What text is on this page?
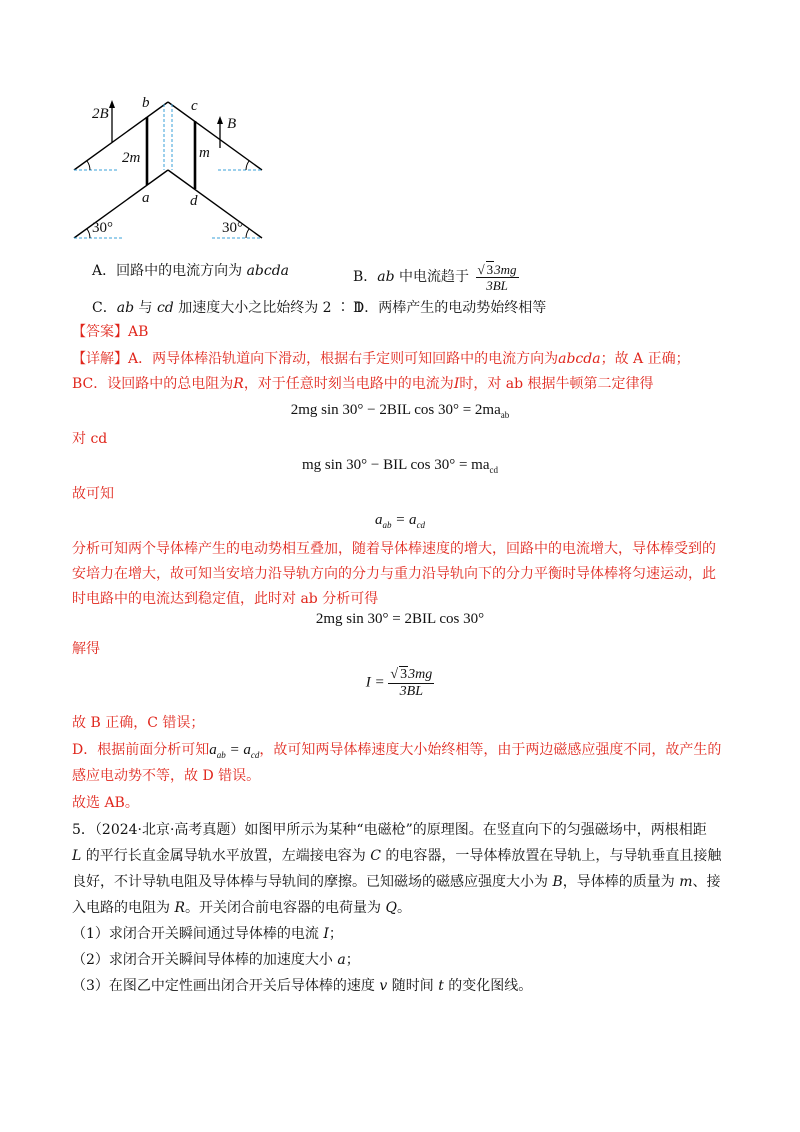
2B
B
b	c
2m	m
a	d
30°	30°
A．回路中的电流方向为 abcda	B．ab 中电流趋于 $\frac{√ 33mg}{3BL}$
C．ab 与 cd 加速度大小之比始终为 2 ∶ 1
D．两棒产生的电动势始终相等
【答案】AB
【详解】A．两导体棒沿轨道向下滑动，根据右手定则可知回路中的电流方向为abcda；故 A 正确；
BC．设回路中的总电阻为R，对于任意时刻当电路中的电流为I时，对 ab 根据牛顿第二定律得
2mg sin 30° − 2BIL $\cos 30^\circ = 2ma_{ab}$
对 cd
mg sin 30° − BIL $\cos 30^\circ = ma_{cd}$
故可知
$a_{ab} = a_{cd}$
分析可知两个导体棒产生的电动势相互叠加，随着导体棒速度的增大，回路中的电流增大，导体棒受到的
安培力在增大，故可知当安培力沿导轨方向的分力与重力沿导轨向下的分力平衡时导体棒将匀速运动，此
时电路中的电流达到稳定值，此时对 ab 分析可得
2mg sin 30° = 2BIL cos 30°
解得
$I = \frac{√ 33mg}{3BL}$
故 B 正确，C 错误；
D．根据前面分析可知$a_{ab} = a_{cd}$，故可知两导体棒速度大小始终相等，由于两边磁感应强度不同，故产生的
感应电动势不等，故 D 错误。
故选 AB。
5．（2024·北京·高考真题）如图甲所示为某种“电磁枪”的原理图。在竖直向下的匀强磁场中，两根相距
L 的平行长直金属导轨水平放置，左端接电容为 C 的电容器，一导体棒放置在导轨上，与导轨垂直且接触
良好，不计导轨电阻及导体棒与导轨间的摩擦。已知磁场的磁感应强度大小为 B，导体棒的质量为 m、接
入电路的电阻为 R。开关闭合前电容器的电荷量为 Q。
（1）求闭合开关瞬间通过导体棒的电流 I；
（2）求闭合开关瞬间导体棒的加速度大小 a；
（3）在图乙中定性画出闭合开关后导体棒的速度 v 随时间 t 的变化图线。
